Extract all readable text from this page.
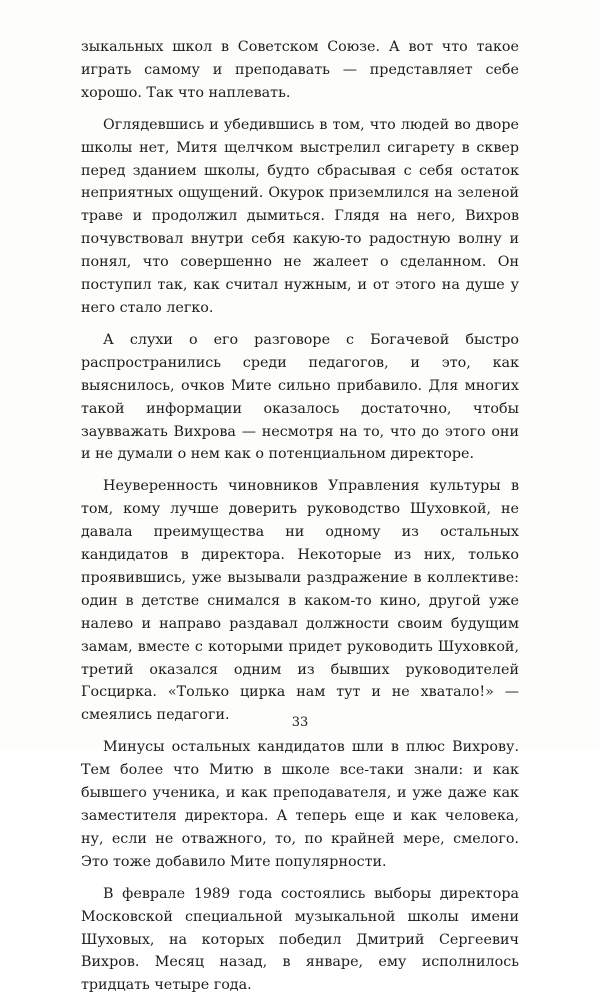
зыкальных школ в Советском Союзе. А вот что такое играть самому и преподавать — представляет себе хорошо. Так что наплевать.

Оглядевшись и убедившись в том, что людей во дворе школы нет, Митя щелчком выстрелил сигарету в сквер перед зданием школы, будто сбрасывая с себя остаток неприятных ощущений. Окурок приземлился на зеленой траве и продолжил дымиться. Глядя на него, Вихров почувствовал внутри себя какую-то радостную волну и понял, что совершенно не жалеет о сделанном. Он поступил так, как считал нужным, и от этого на душе у него стало легко.

А слухи о его разговоре с Богачевой быстро распространились среди педагогов, и это, как выяснилось, очков Мите сильно прибавило. Для многих такой информации оказалось достаточно, чтобы заувважать Вихрова — несмотря на то, что до этого они и не думали о нем как о потенциальном директоре.

Неуверенность чиновников Управления культуры в том, кому лучше доверить руководство Шуховкой, не давала преимущества ни одному из остальных кандидатов в директора. Некоторые из них, только проявившись, уже вызывали раздражение в коллективе: один в детстве снимался в каком-то кино, другой уже налево и направо раздавал должности своим будущим замам, вместе с которыми придет руководить Шуховкой, третий оказался одним из бывших руководителей Госцирка. «Только цирка нам тут и не хватало!» — смеялись педагоги.

Минусы остальных кандидатов шли в плюс Вихрову. Тем более что Митю в школе все-таки знали: и как бывшего ученика, и как преподавателя, и уже даже как заместителя директора. А теперь еще и как человека, ну, если не отважного, то, по крайней мере, смелого. Это тоже добавило Мите популярности.

В феврале 1989 года состоялись выборы директора Московской специальной музыкальной школы имени Шуховых, на которых победил Дмитрий Сергеевич Вихров. Месяц назад, в январе, ему исполнилось тридцать четыре года.

33
